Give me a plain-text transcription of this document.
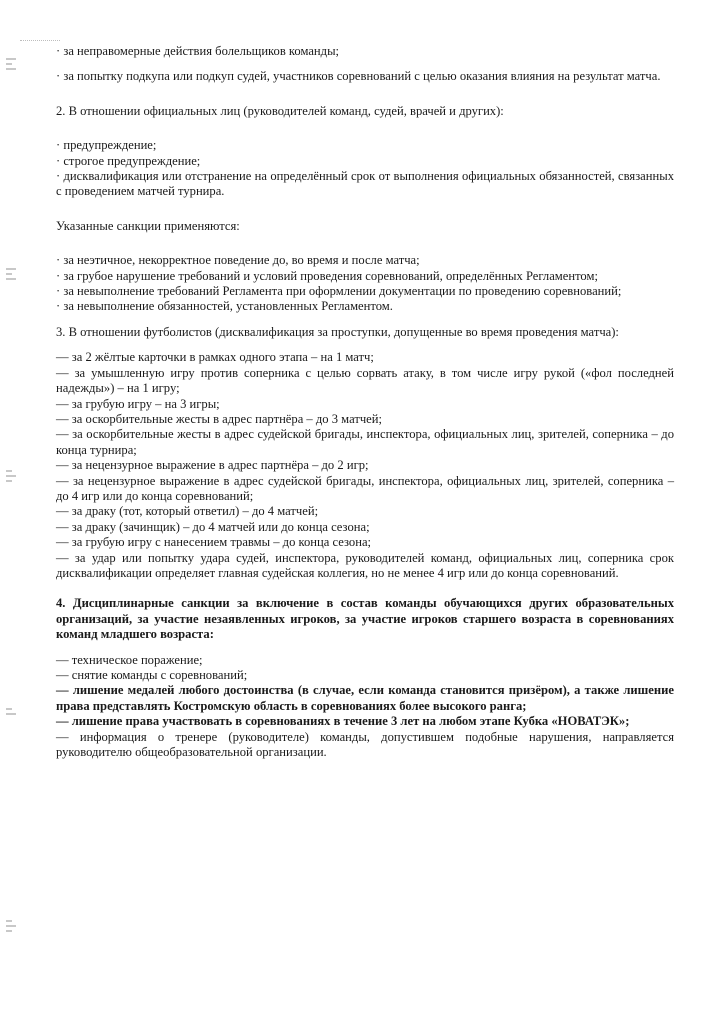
· за неправомерные действия болельщиков команды;

· за попытку подкупа или подкуп судей, участников соревнований с целью оказания влияния на результат матча.

2. В отношении официальных лиц (руководителей команд, судей, врачей и других):

· предупреждение;

· строгое предупреждение;

· дисквалификация или отстранение на определённый срок от выполнения официальных обязанностей, связанных с проведением матчей турнира.

Указанные санкции применяются:

· за неэтичное, некорректное поведение до, во время и после матча;

· за грубое нарушение требований и условий проведения соревнований, определённых Регламентом;

· за невыполнение требований Регламента при оформлении документации по проведению соревнований;

· за невыполнение обязанностей, установленных Регламентом.

3. В отношении футболистов (дисквалификация за проступки, допущенные во время проведения матча):

— за 2 жёлтые карточки в рамках одного этапа – на 1 матч;

— за умышленную игру против соперника с целью сорвать атаку, в том числе игру рукой («фол последней надежды») – на 1 игру;

— за грубую игру – на 3 игры;

— за оскорбительные жесты в адрес партнёра – до 3 матчей;

— за оскорбительные жесты в адрес судейской бригады, инспектора, официальных лиц, зрителей, соперника – до конца турнира;

— за нецензурное выражение в адрес партнёра – до 2 игр;

— за нецензурное выражение в адрес судейской бригады, инспектора, официальных лиц, зрителей, соперника – до 4 игр или до конца соревнований;

— за драку (тот, который ответил) – до 4 матчей;

— за драку (зачинщик) – до 4 матчей или до конца сезона;

— за грубую игру с нанесением травмы – до конца сезона;

— за удар или попытку удара судей, инспектора, руководителей команд, официальных лиц, соперника срок дисквалификации определяет главная судейская коллегия, но не менее 4 игр или до конца соревнований.

4. Дисциплинарные санкции за включение в состав команды обучающихся других образовательных организаций, за участие незаявленных игроков, за участие игроков старшего возраста в соревнованиях команд младшего возраста:

— техническое поражение;

— снятие команды с соревнований;

— лишение медалей любого достоинства (в случае, если команда становится призёром), а также лишение права представлять Костромскую область в соревнованиях более высокого ранга;

— лишение права участвовать в соревнованиях в течение 3 лет на любом этапе Кубка «НОВАТЭК»;

— информация о тренере (руководителе) команды, допустившем подобные нарушения, направляется руководителю общеобразовательной организации.
